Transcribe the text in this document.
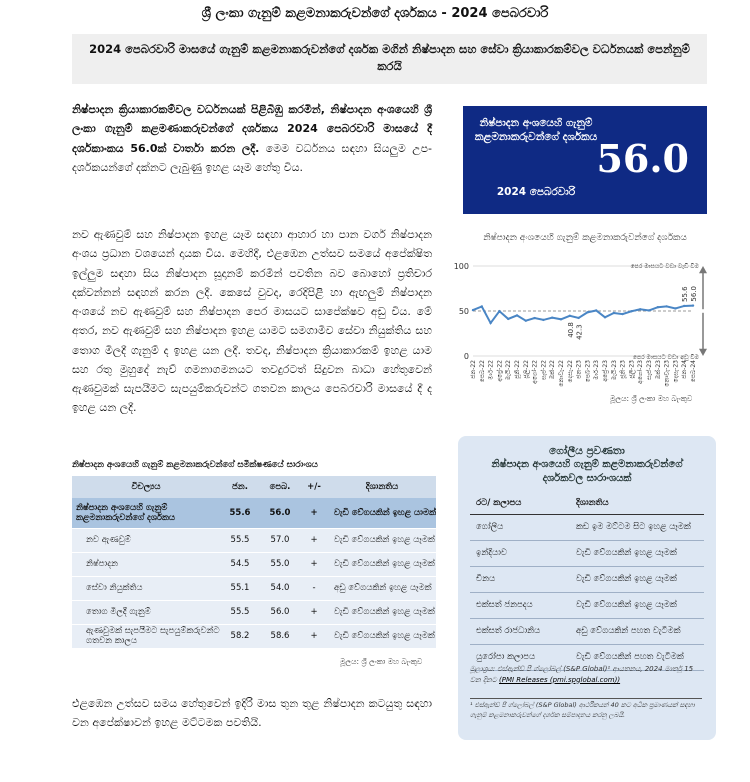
ශ්‍රී ලංකා ගැනුම් කළමනාකරුවන්ගේ දර්ශකය - 2024 පෙබරවාරි
2024 පෙබරවාරි මාසයේ ගැනුම් කළමනාකරුවන්ගේ දර්ශක මගින් නිෂ්පාදන සහ සේවා ක්‍රියාකාරකම්වල වර්ධනයක් පෙන්නුම් කරයි
නිෂ්පාදන ක්‍රියාකාරකම්වල වර්ධනයක් පිළිබිඹු කරමින්, නිෂ්පාදන අංශයෙහි ශ්‍රී ලංකා ගැනුම් කළමණාකරුවන්ගේ දර්ශකය 2024 පෙබරවාරි මාසයේ දී දර්ශකාංකය 56.0ක් වාර්තා කරන ලදී. මෙම වර්ධනය සඳහා සියලුම උප-දර්ශකයන්ගේ දක්නට ලැබුණු ඉහළ යෑම හේතු විය.
නව ඇණවුම් සහ නිෂ්පාදන ඉහළ යෑම සඳහා ආහාර හා පාන වර්ග නිෂ්පාදන අංශය ප්‍රධාන වශයෙන් දායක විය. මෙහිදී, එළඹෙන උත්සව සමයේ අපේක්ෂිත ඉල්ලුම සඳහා සිය නිෂ්පාදන සූදානම් කරමින් පවතින බව බොහෝ ප්‍රතිචාර දක්වන්නන් සඳහන් කරන ලදී. කෙසේ වුවද, රෙදිපිළි හා ඇඟලුම් නිෂ්පාදන අංශයේ නව ඇණවුම් සහ නිෂ්පාදන පෙර මාසයට සාපේක්ෂව අඩු විය. මේ අතර, නව ඇණවුම් සහ නිෂ්පාදන ඉහළ යාමට සමගාමීව සේවා නියුක්තිය සහ තොග මිලදී ගැනුම් ද ඉහළ යන ලදී. තවද, නිෂ්පාදන ක්‍රියාකාරකම් ඉහළ යාම සහ රතු මුහුදේ නැව් ගමනාගමනයට තවදුරටත් සිදුවන බාධා හේතුවෙන් ඇණවුමක් සැපයීමට සැපයුම්කරුවන්ට ගතවන කාලය පෙබරවාරි මාසයේ දී ද ඉහළ යන ලදී.
නිෂ්පාදන අංශයෙහි ගැනුම් කළමනාකරුවන්ගේ දර්ශකය
2024 පෙබරවාරි
56.0
නිෂ්පාදන අංශයෙහි ගැනුම් කළමනාකරුවන්ගේ දර්ශකය
0
50
100
40.8 42.3
55.6 56.0
ජන-22 පෙබ-22 මාර්-22 අප්‍රේ-22 මැයි-22 ජූනි-22 ජූලි-22 අගෝ-22 සැප්-22 ඔක්-22 නොවැ-22 දෙසැ-22 ජන-23 පෙබ-23 මාර්-23 අප්‍රේ-23 මැයි-23 ජූනි-23 ජූලි-23 අගෝ-23 සැප්-23 ඔක්-23 නොවැ-23 දෙසැ-23 ජන-24 පෙබ-24
පෙර මාසයට වඩා වැඩි වීම
පෙර මාසයට වඩා අඩු වීම
මූලය: ශ්‍රී ලංකා මහ බැංකුව
නිෂ්පාදන අංශයෙහි ගැනුම් කළමනාකරුවන්ගේ සමීක්ෂණයේ සාරාංශය
විචල්‍යය	ජන.	පෙබ.	+/-	දිශානතිය
නිෂ්පාදන අංශයෙහි ගැනුම් කළමනාකරුවන්ගේ දර්ශකය	55.6	56.0	+	වැඩි වේගයකින් ඉහළ යාමක්
නව ඇණවුම්	55.5	57.0	+	වැඩි වේගයකින් ඉහළ යෑමක්
නිෂ්පාදන	54.5	55.0	+	වැඩි වේගයකින් ඉහළ යෑමක්
සේවා නියුක්තිය	55.1	54.0	-	අඩු වේගයකින් ඉහළ යෑමක්
තොග මිලදී ගැනුම්	55.5	56.0	+	වැඩි වේගයකින් ඉහළ යෑමක්
ඇණවුමක් සැපයීමට සැපයුම්කරුවන්ට ගතවන කාලය	58.2	58.6	+	වැඩි වේගයකින් ඉහළ යෑමක්
මූලය: ශ්‍රී ලංකා මහ බැංකුව
එළඹෙන උත්සව සමය හේතුවෙන් ඉදිරි මාස තුන තුළ නිෂ්පාදන කටයුතු සඳහා වන අපේක්ෂාවන් ඉහළ මට්ටමක පවතියි.
ගෝලීය ප්‍රවණතා
නිෂ්පාදන අංශයෙහි ගැනුම් කළමනාකරුවන්ගේ දර්ශකවල සාරාංශයක්
රට/ කලාපය	දිශානතිය
ගෝලීය	කඩ ඉම මට්ටම සිට ඉහළ යෑමක්
ඉන්දියාව	වැඩි වේගයකින් ඉහළ යෑමක්
චීනය	වැඩි වේගයකින් ඉහළ යෑමක්
එක්සත් ජනපදය	වැඩි වේගයකින් ඉහළ යෑමක්
එක්සත් රාජධානිය	අඩු වේගයකින් පහත වැටීමක්
යුරෝපා කලාපය	වැඩි වේගයකින් පහත වැටීමක්
මූලාශ්‍රය: එස්ඇන්ඩ් පී ග්ලෝබල් (S&P Global)¹ ආයතනය, 2024 මාර්තු 15 වන දිනට (PMI Releases (pmi.spglobal.com))
¹ එස්ඇන්ඩ් පී ග්ලෝබල් (S&P Global) ආර්ථිකයන් 40 කට අධික ප්‍රමාණයක් සඳහා ගැනුම් කළමනාකරුවන්ගේ දර්ශක සම්පාදනය කරනු ලබයි.
